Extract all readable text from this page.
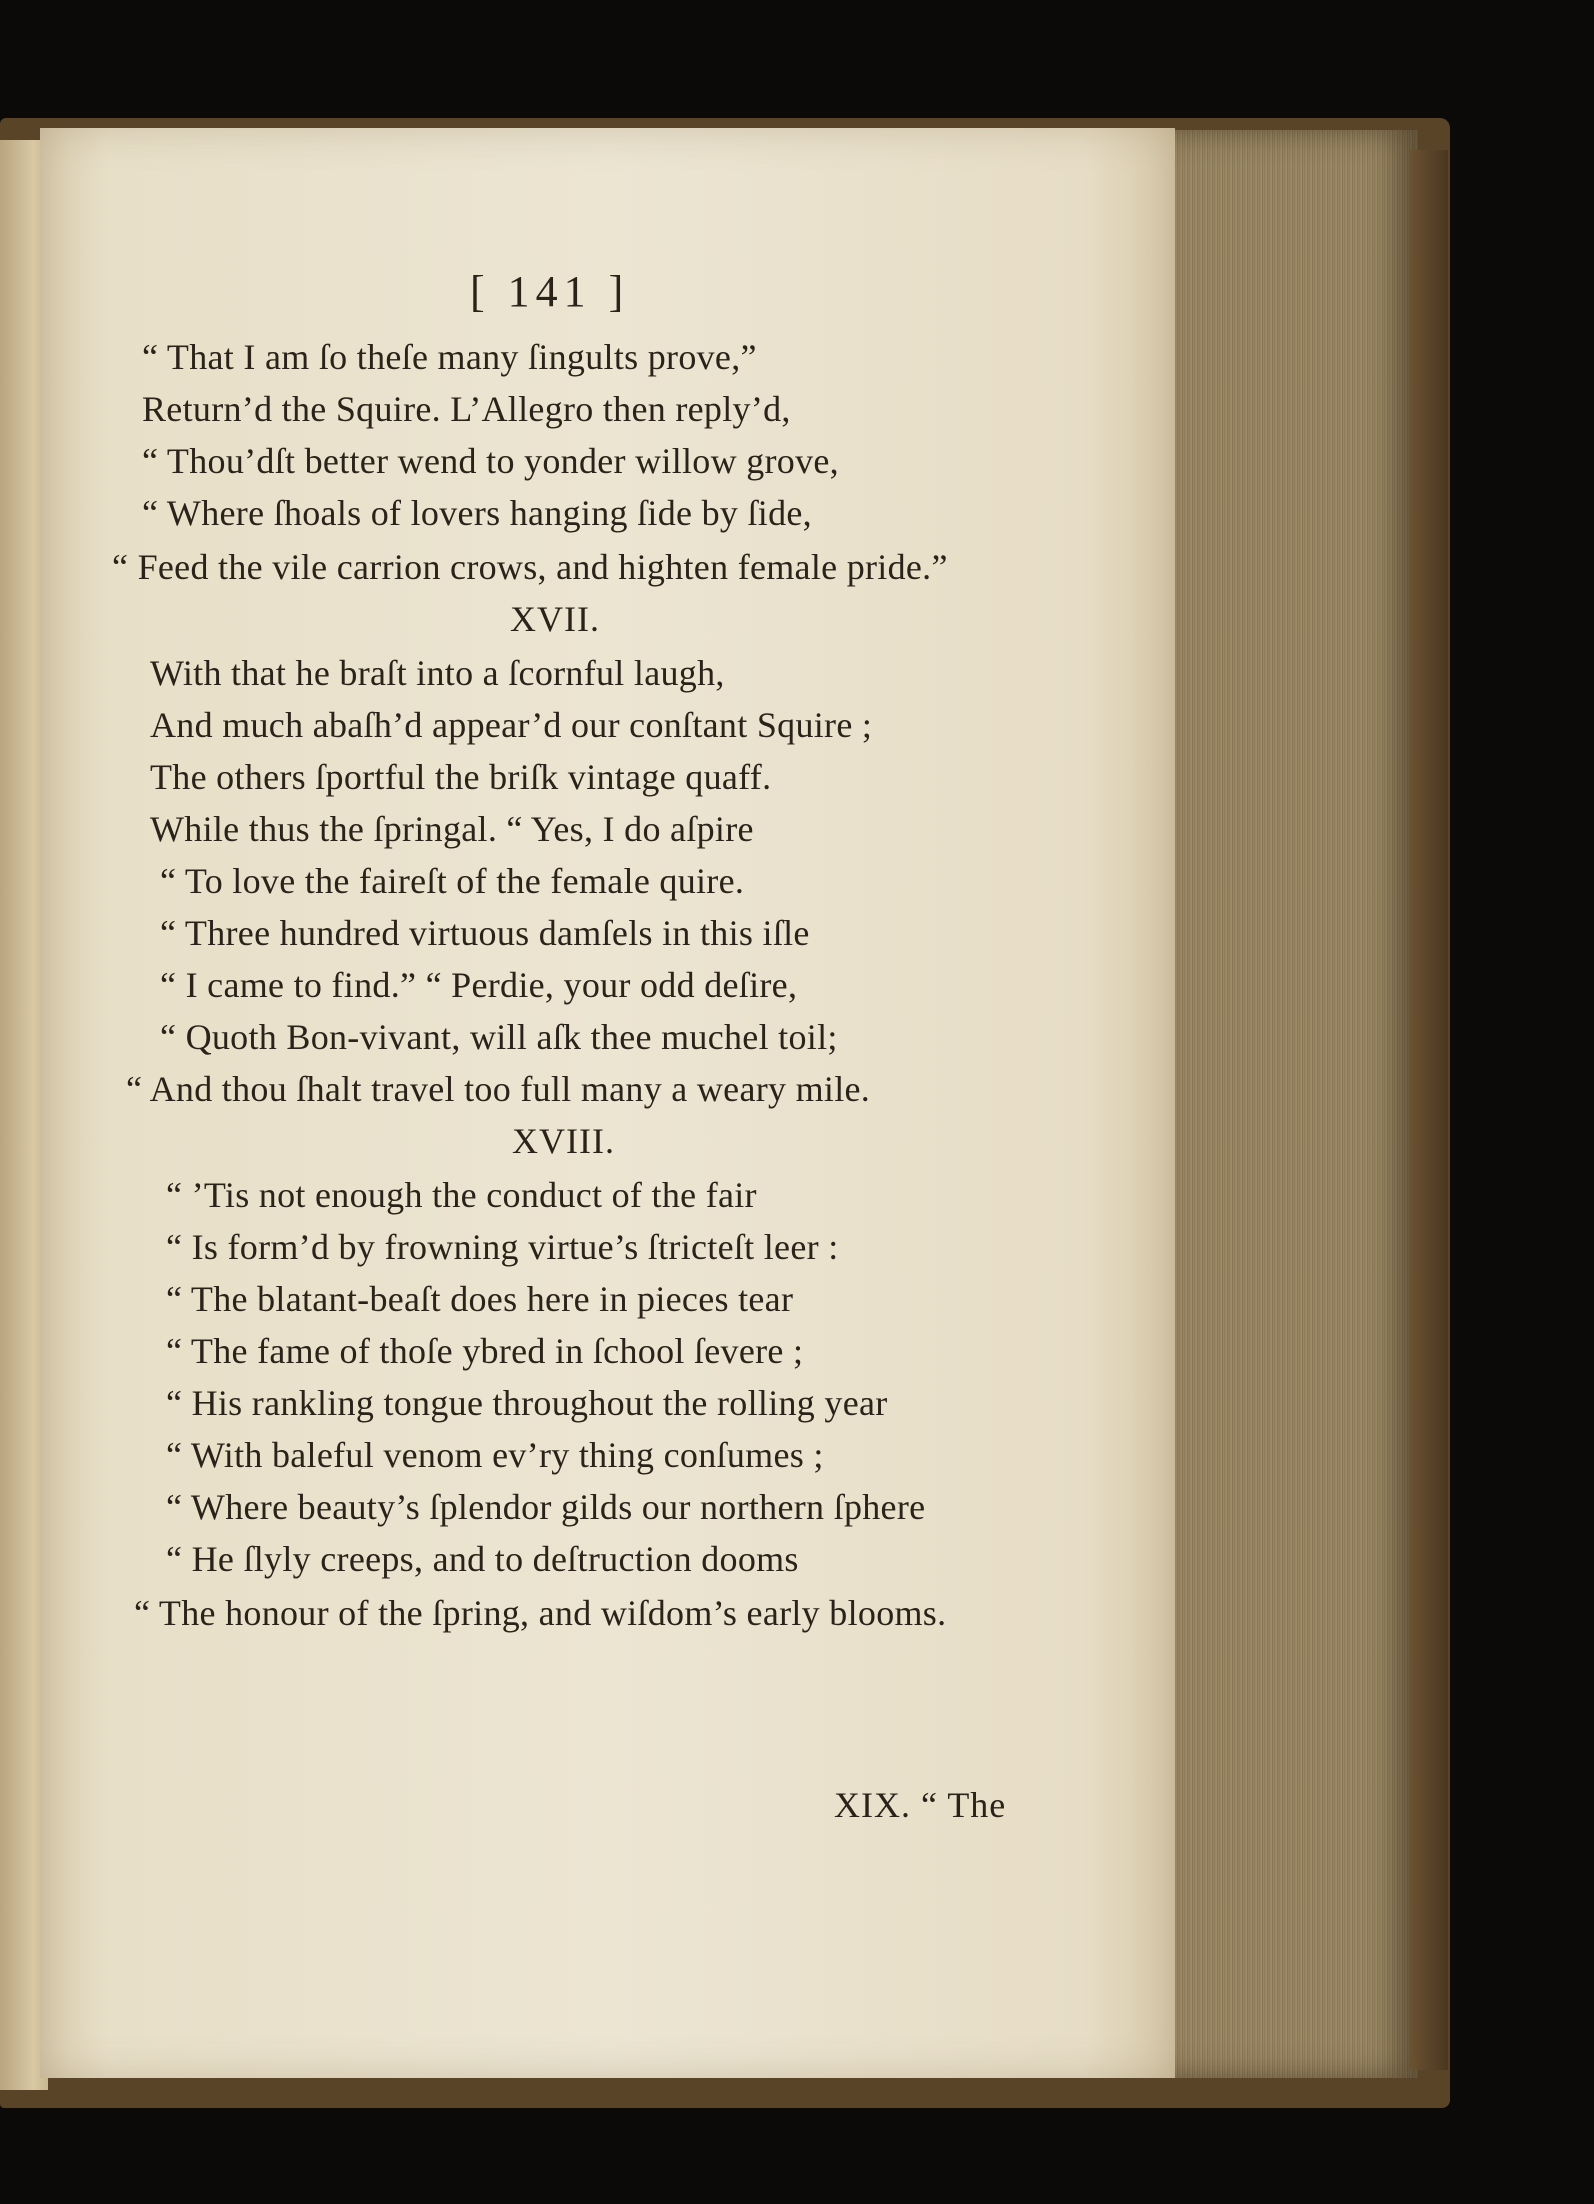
[ 141 ]
“ That I am ſo theſe many ſingults prove,”
Return’d the Squire. L’Allegro then reply’d,
“ Thou’dſt better wend to yonder willow grove,
“ Where ſhoals of lovers hanging ſide by ſide,
“ Feed the vile carrion crows, and highten female pride.”
XVII.
With that he braſt into a ſcornful laugh,
And much abaſh’d appear’d our conſtant Squire ;
The others ſportful the briſk vintage quaff.
While thus the ſpringal. “ Yes, I do aſpire
“ To love the faireſt of the female quire.
“ Three hundred virtuous damſels in this iſle
“ I came to find.” “ Perdie, your odd deſire,
“ Quoth Bon-vivant, will aſk thee muchel toil;
“ And thou ſhalt travel too full many a weary mile.
XVIII.
“ ’Tis not enough the conduct of the fair
“ Is form’d by frowning virtue’s ſtricteſt leer :
“ The blatant-beaſt does here in pieces tear
“ The fame of thoſe ybred in ſchool ſevere ;
“ His rankling tongue throughout the rolling year
“ With baleful venom ev’ry thing conſumes ;
“ Where beauty’s ſplendor gilds our northern ſphere
“ He ſlyly creeps, and to deſtruction dooms
“ The honour of the ſpring, and wiſdom’s early blooms.
XIX. “ The
